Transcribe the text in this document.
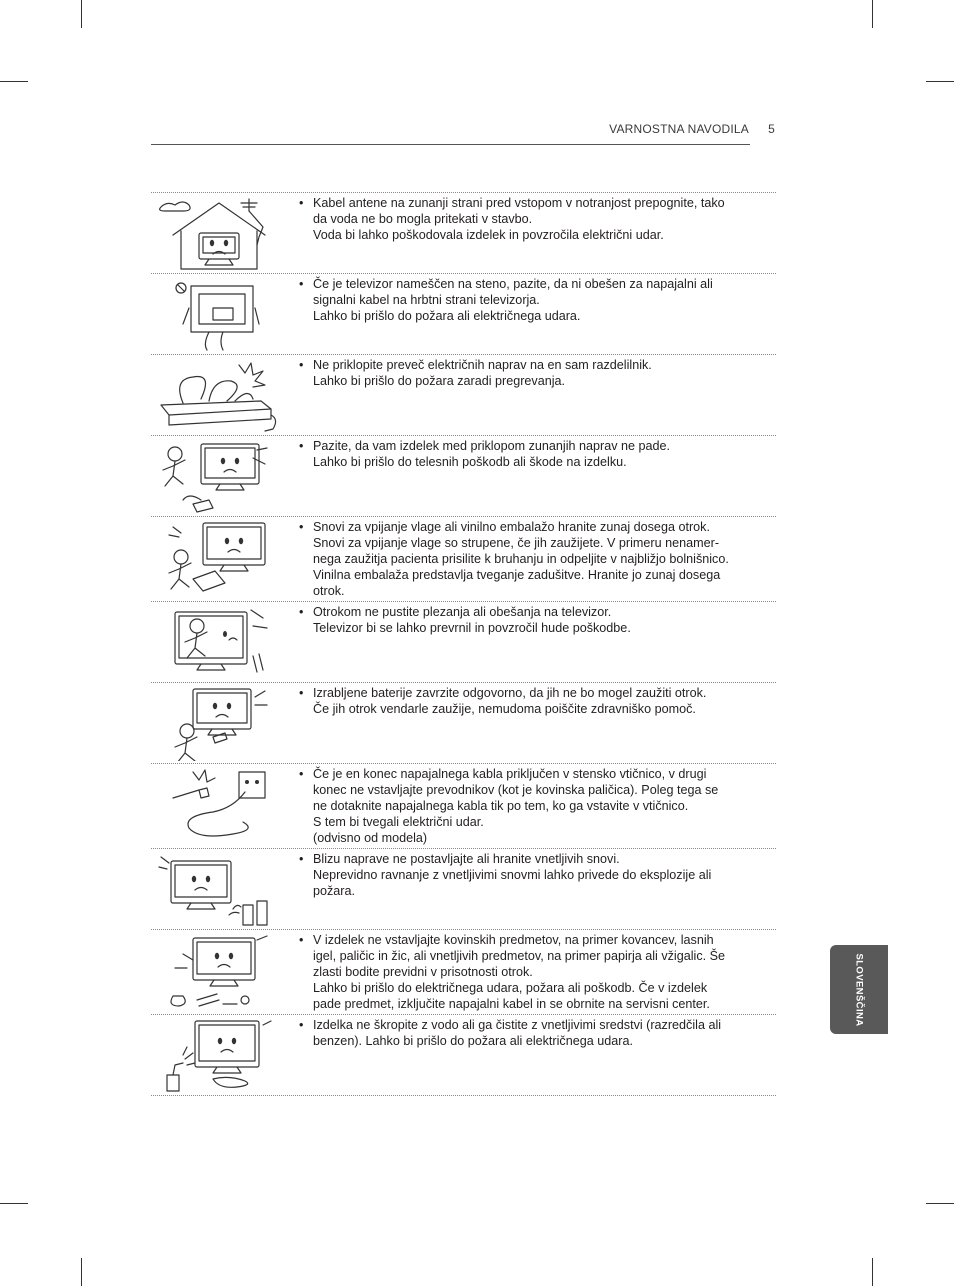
VARNOSTNA NAVODILA 5
• Kabel antene na zunanji strani pred vstopom v notranjost prepognite, tako
da voda ne bo mogla pritekati v stavbo.
Voda bi lahko poškodovala izdelek in povzročila električni udar.
• Če je televizor nameščen na steno, pazite, da ni obešen za napajalni ali
signalni kabel na hrbtni strani televizorja.
Lahko bi prišlo do požara ali električnega udara.
• Ne priklopite preveč električnih naprav na en sam razdelilnik.
Lahko bi prišlo do požara zaradi pregrevanja.
• Pazite, da vam izdelek med priklopom zunanjih naprav ne pade.
Lahko bi prišlo do telesnih poškodb ali škode na izdelku.
• Snovi za vpijanje vlage ali vinilno embalažo hranite zunaj dosega otrok.
Snovi za vpijanje vlage so strupene, če jih zaužijete. V primeru nenamer-
nega zaužitja pacienta prisilite k bruhanju in odpeljite v najbližjo bolnišnico.
Vinilna embalaža predstavlja tveganje zadušitve. Hranite jo zunaj dosega
otrok.
• Otrokom ne pustite plezanja ali obešanja na televizor.
Televizor bi se lahko prevrnil in povzročil hude poškodbe.
• Izrabljene baterije zavrzite odgovorno, da jih ne bo mogel zaužiti otrok.
Če jih otrok vendarle zaužije, nemudoma poiščite zdravniško pomoč.
• Če je en konec napajalnega kabla priključen v stensko vtičnico, v drugi
konec ne vstavljajte prevodnikov (kot je kovinska paličica). Poleg tega se
ne dotaknite napajalnega kabla tik po tem, ko ga vstavite v vtičnico.
S tem bi tvegali električni udar.
(odvisno od modela)
• Blizu naprave ne postavljajte ali hranite vnetljivih snovi.
Neprevidno ravnanje z vnetljivimi snovmi lahko privede do eksplozije ali
požara.
• V izdelek ne vstavljajte kovinskih predmetov, na primer kovancev, lasnih
igel, paličic in žic, ali vnetljivih predmetov, na primer papirja ali vžigalic. Še
zlasti bodite previdni v prisotnosti otrok.
Lahko bi prišlo do električnega udara, požara ali poškodb. Če v izdelek
pade predmet, izključite napajalni kabel in se obrnite na servisni center.
• Izdelka ne škropite z vodo ali ga čistite z vnetljivimi sredstvi (razredčila ali
benzen). Lahko bi prišlo do požara ali električnega udara.
SLOVENŠČINA
